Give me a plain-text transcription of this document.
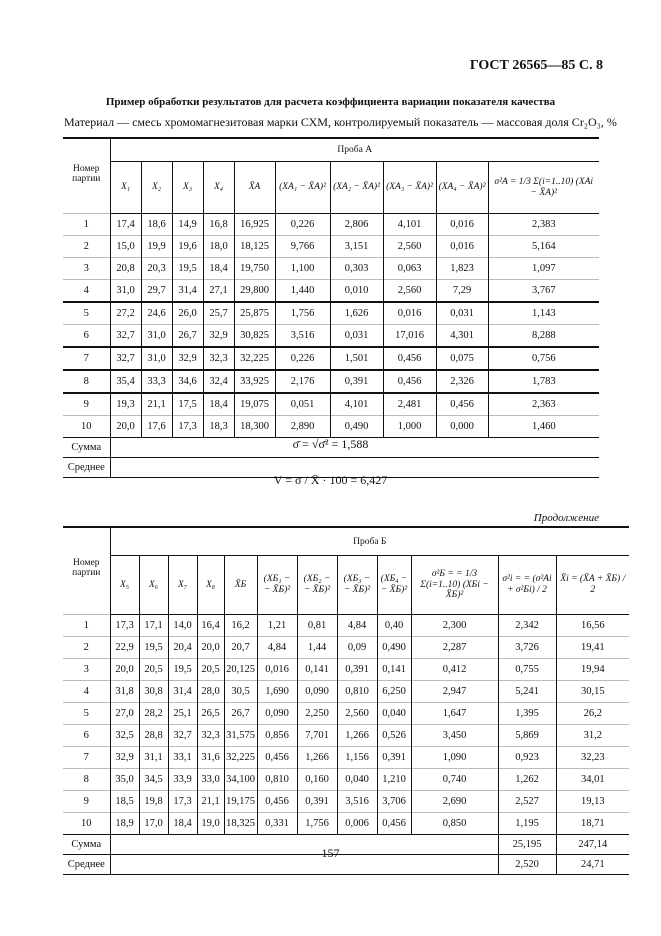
ГОСТ 26565—85 С. 8
Пример обработки результатов для расчета коэффициента вариации показателя качества
Материал — смесь хромомагнезитовая марки СХМ, контролируемый показатель — массовая доля Cr₂O₃, %
Номер партии	Проба А									
	X₁	X₂	X₃	X₄	X̄A	(XA₁ − X̄A)²	(XA₂ − X̄A)²	(XA₃ − X̄A)²	(XA₄ − X̄A)²	σ²A = 1/3 Σ(i=1..10) (XAi − X̄A)²
1	17,4	18,6	14,9	16,8	16,925	0,226	2,806	4,101	0,016	2,383
2	15,0	19,9	19,6	18,0	18,125	9,766	3,151	2,560	0,016	5,164
3	20,8	20,3	19,5	18,4	19,750	1,100	0,303	0,063	1,823	1,097
4	31,0	29,7	31,4	27,1	29,800	1,440	0,010	2,560	7,29	3,767
5	27,2	24,6	26,0	25,7	25,875	1,756	1,626	0,016	0,031	1,143
6	32,7	31,0	26,7	32,9	30,825	3,516	0,031	17,016	4,301	8,288
7	32,7	31,0	32,9	32,3	32,225	0,226	1,501	0,456	0,075	0,756
8	35,4	33,3	34,6	32,4	33,925	2,176	0,391	0,456	2,326	1,783
9	19,3	21,1	17,5	18,4	19,075	0,051	4,101	2,481	0,456	2,363
10	20,0	17,6	17,3	18,3	18,300	2,890	0,490	1,000	0,000	1,460
Сумма										
Среднее										
σ̄ = √σ̄² = 1,588
V = σ̄ / X̄ · 100 = 6,427
Продолжение
Номер партии	Проба Б											
	X₅	X₆	X₇	X₈	X̄Б	(XБ₁ − − X̄Б)²	(XБ₂ − − X̄Б)²	(XБ₃ − − X̄Б)²	(XБ₄ − − X̄Б)²	σ²Б = = 1/3 Σ(i=1..10) (XБi − X̄Б)²	σ²i = = (σ²Ai + σ²Бi) / 2	X̄i = (X̄A + X̄Б) / 2
1	17,3	17,1	14,0	16,4	16,2	1,21	0,81	4,84	0,40	2,300	2,342	16,56
2	22,9	19,5	20,4	20,0	20,7	4,84	1,44	0,09	0,490	2,287	3,726	19,41
3	20,0	20,5	19,5	20,5	20,125	0,016	0,141	0,391	0,141	0,412	0,755	19,94
4	31,8	30,8	31,4	28,0	30,5	1,690	0,090	0,810	6,250	2,947	5,241	30,15
5	27,0	28,2	25,1	26,5	26,7	0,090	2,250	2,560	0,040	1,647	1,395	26,2
6	32,5	28,8	32,7	32,3	31,575	0,856	7,701	1,266	0,526	3,450	5,869	31,2
7	32,9	31,1	33,1	31,6	32,225	0,456	1,266	1,156	0,391	1,090	0,923	32,23
8	35,0	34,5	33,9	33,0	34,100	0,810	0,160	0,040	1,210	0,740	1,262	34,01
9	18,5	19,8	17,3	21,1	19,175	0,456	0,391	3,516	3,706	2,690	2,527	19,13
10	18,9	17,0	18,4	19,0	18,325	0,331	1,756	0,006	0,456	0,850	1,195	18,71
Сумма											25,195	247,14
Среднее											2,520	24,71
157
